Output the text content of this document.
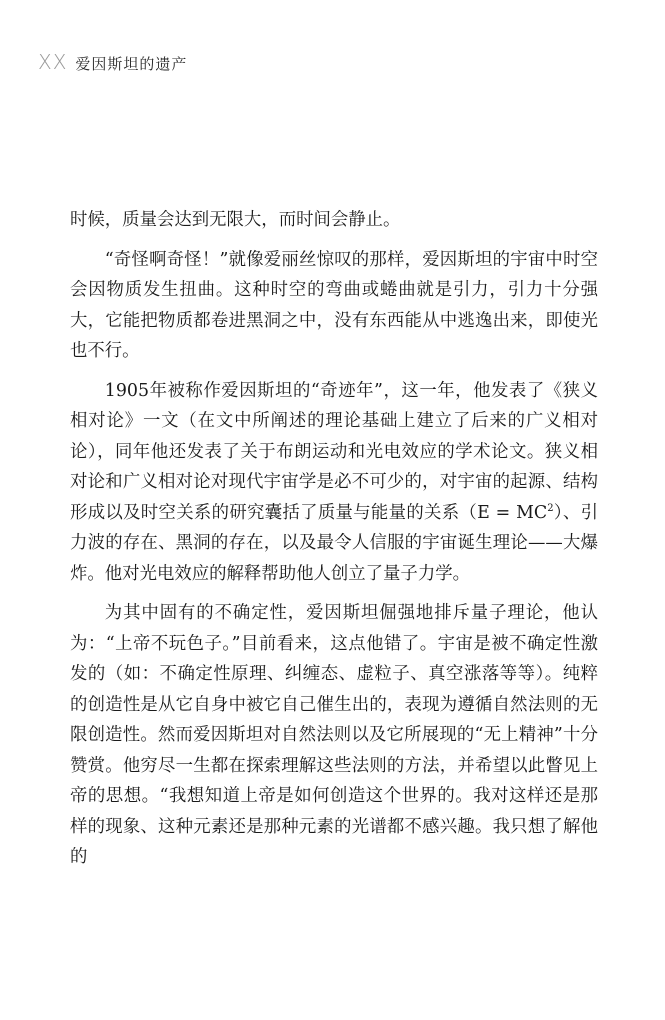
XX 爱因斯坦的遗产

时候，质量会达到无限大，而时间会静止。

“奇怪啊奇怪！”就像爱丽丝惊叹的那样，爱因斯坦的宇宙中时空会因物质发生扭曲。这种时空的弯曲或蜷曲就是引力，引力十分强大，它能把物质都卷进黑洞之中，没有东西能从中逃逸出来，即使光也不行。

1905年被称作爱因斯坦的“奇迹年”，这一年，他发表了《狭义相对论》一文（在文中所阐述的理论基础上建立了后来的广义相对论），同年他还发表了关于布朗运动和光电效应的学术论文。狭义相对论和广义相对论对现代宇宙学是必不可少的，对宇宙的起源、结构形成以及时空关系的研究囊括了质量与能量的关系$(E = MC^2)$、引力波的存在、黑洞的存在，以及最令人信服的宇宙诞生理论——大爆炸。他对光电效应的解释帮助他人创立了量子力学。

为其中固有的不确定性，爱因斯坦倔强地排斥量子理论，他认为：“上帝不玩色子。”目前看来，这点他错了。宇宙是被不确定性激发的（如：不确定性原理、纠缠态、虚粒子、真空涨落等等）。纯粹的创造性是从它自身中被它自己催生出的，表现为遵循自然法则的无限创造性。然而爱因斯坦对自然法则以及它所展现的“无上精神”十分赞赏。他穷尽一生都在探索理解这些法则的方法，并希望以此瞥见上帝的思想。“我想知道上帝是如何创造这个世界的。我对这样还是那样的现象、这种元素还是那种元素的光谱都不感兴趣。我只想了解他的
